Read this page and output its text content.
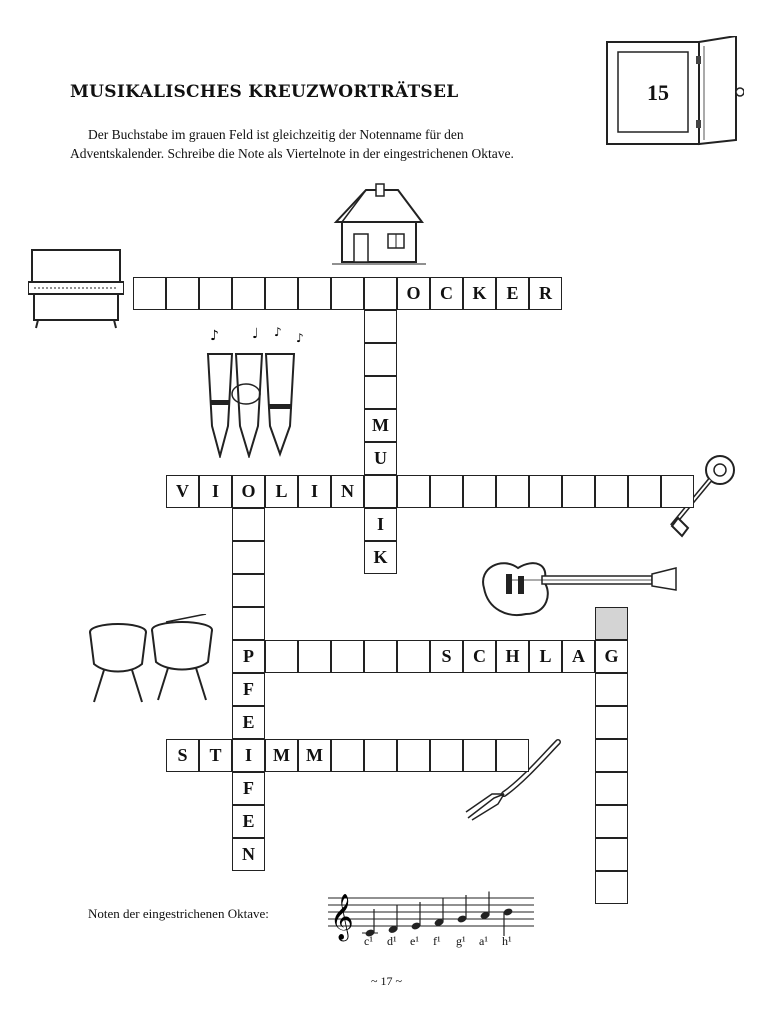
MUSIKALISCHES KREUZWORTRÄTSEL
Der Buchstabe im grauen Feld ist gleichzeitig der Notenname für den
Adventskalender. Schreibe die Note als Viertelnote in der eingestrichenen Oktave.
15
♪ ♩ ♪ ♪
O	C	K	E	R
V	I	O	L	I	N
P	S	C	H	L	A	G
S	T	I	M M
M
U
I
K
F
E
F
E
N
Noten der eingestrichenen Oktave: 𝄞
c¹ d¹ e¹ f¹ g¹ a¹ h¹
~ 17 ~
